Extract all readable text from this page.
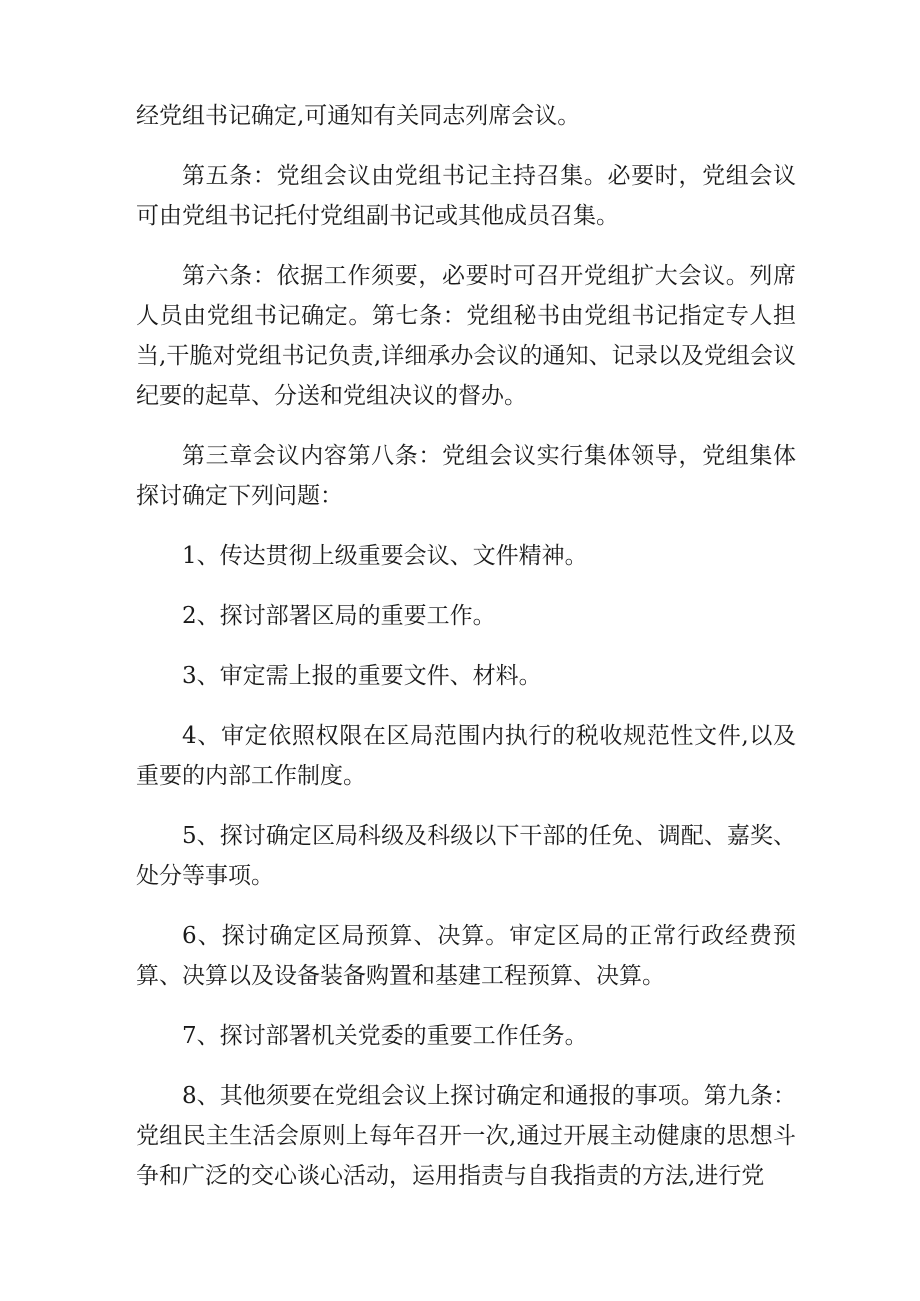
经党组书记确定,可通知有关同志列席会议。

第五条：党组会议由党组书记主持召集。必要时，党组会议可由党组书记托付党组副书记或其他成员召集。

第六条：依据工作须要，必要时可召开党组扩大会议。列席人员由党组书记确定。第七条：党组秘书由党组书记指定专人担当,干脆对党组书记负责,详细承办会议的通知、记录以及党组会议纪要的起草、分送和党组决议的督办。

第三章会议内容第八条：党组会议实行集体领导，党组集体探讨确定下列问题：

1、传达贯彻上级重要会议、文件精神。

2、探讨部署区局的重要工作。

3、审定需上报的重要文件、材料。

4、审定依照权限在区局范围内执行的税收规范性文件,以及重要的内部工作制度。

5、探讨确定区局科级及科级以下干部的任免、调配、嘉奖、处分等事项。

6、探讨确定区局预算、决算。审定区局的正常行政经费预算、决算以及设备装备购置和基建工程预算、决算。

7、探讨部署机关党委的重要工作任务。

8、其他须要在党组会议上探讨确定和通报的事项。第九条：党组民主生活会原则上每年召开一次,通过开展主动健康的思想斗争和广泛的交心谈心活动，运用指责与自我指责的方法,进行党
